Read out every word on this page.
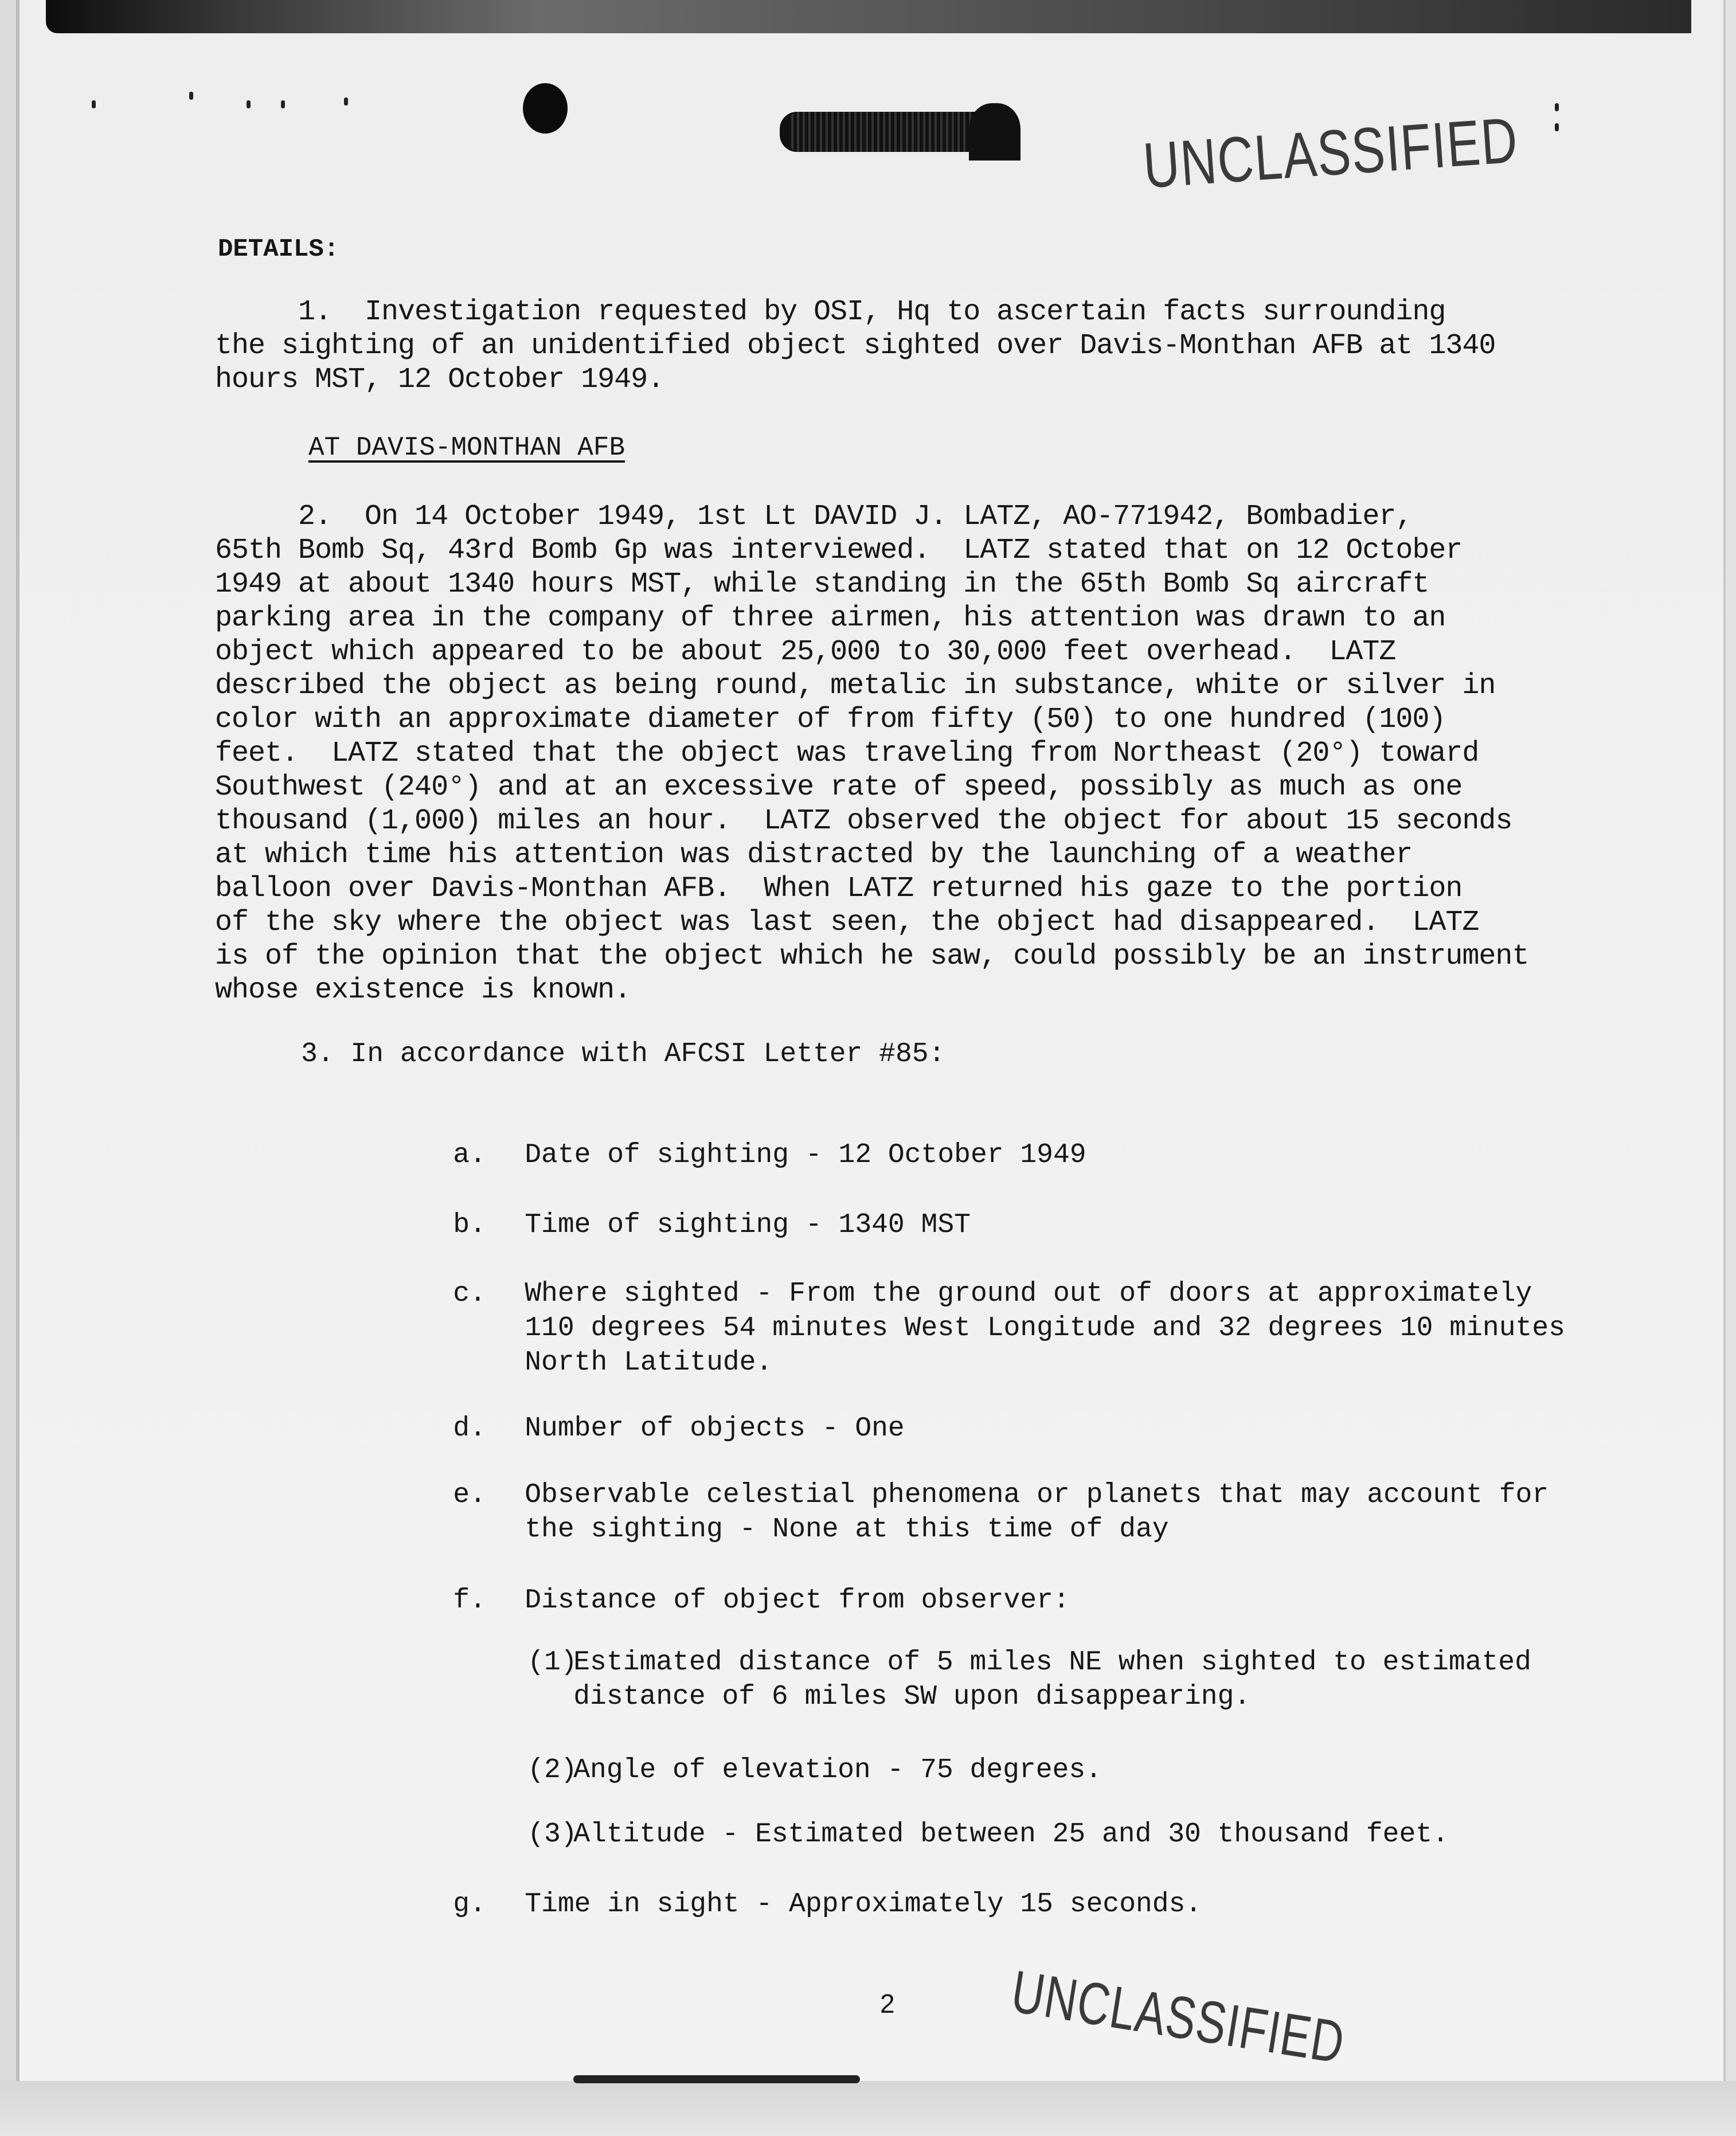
UNCLASSIFIED
DETAILS:
1.  Investigation requested by OSI, Hq to ascertain facts surrounding
the sighting of an unidentified object sighted over Davis-Monthan AFB at 1340
hours MST, 12 October 1949.
AT DAVIS-MONTHAN AFB
2.  On 14 October 1949, 1st Lt DAVID J. LATZ, AO-771942, Bombadier,
65th Bomb Sq, 43rd Bomb Gp was interviewed.  LATZ stated that on 12 October
1949 at about 1340 hours MST, while standing in the 65th Bomb Sq aircraft
parking area in the company of three airmen, his attention was drawn to an
object which appeared to be about 25,000 to 30,000 feet overhead.  LATZ
described the object as being round, metalic in substance, white or silver in
color with an approximate diameter of from fifty (50) to one hundred (100)
feet.  LATZ stated that the object was traveling from Northeast (20°) toward
Southwest (240°) and at an excessive rate of speed, possibly as much as one
thousand (1,000) miles an hour.  LATZ observed the object for about 15 seconds
at which time his attention was distracted by the launching of a weather
balloon over Davis-Monthan AFB.  When LATZ returned his gaze to the portion
of the sky where the object was last seen, the object had disappeared.  LATZ
is of the opinion that the object which he saw, could possibly be an instrument
whose existence is known.
3. In accordance with AFCSI Letter #85:

a. Date of sighting - 12 October 1949

b. Time of sighting - 1340 MST

c. Where sighted - From the ground out of doors at approximately
110 degrees 54 minutes West Longitude and 32 degrees 10 minutes
North Latitude.

d. Number of objects - One

e. Observable celestial phenomena or planets that may account for
the sighting - None at this time of day

f. Distance of object from observer:

(1)Estimated distance of 5 miles NE when sighted to estimated
distance of 6 miles SW upon disappearing.

(2)Angle of elevation - 75 degrees.

(3)Altitude - Estimated between 25 and 30 thousand feet.

g. Time in sight - Approximately 15 seconds.

2 UNCLASSIFIED
